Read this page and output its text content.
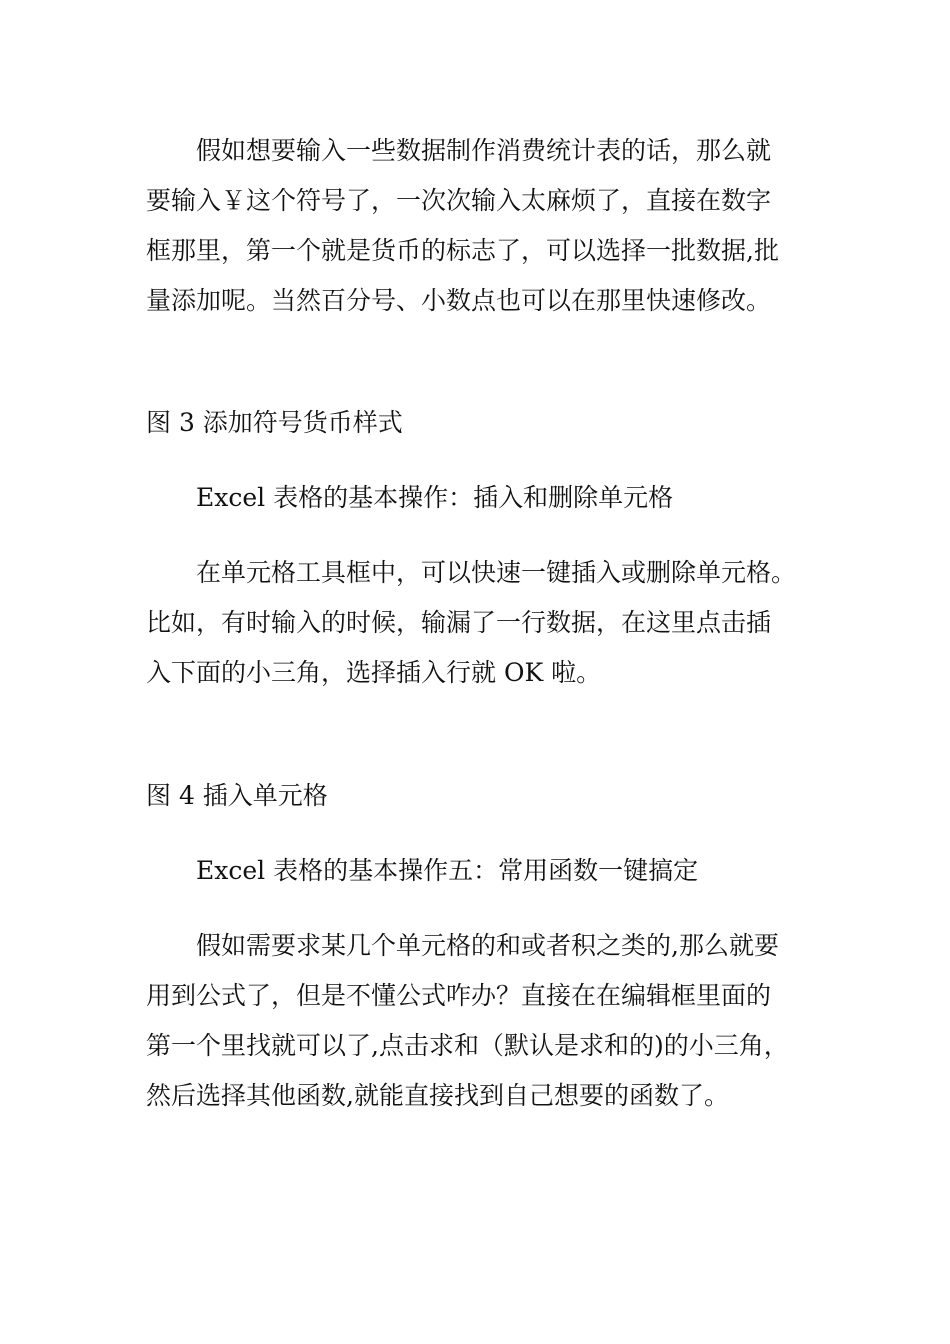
假如想要输入一些数据制作消费统计表的话，那么就
要输入￥这个符号了，一次次输入太麻烦了，直接在数字
框那里，第一个就是货币的标志了，可以选择一批数据,批
量添加呢。当然百分号、小数点也可以在那里快速修改。

图 3 添加符号货币样式

Excel 表格的基本操作：插入和删除单元格

在单元格工具框中，可以快速一键插入或删除单元格。
比如，有时输入的时候，输漏了一行数据，在这里点击插
入下面的小三角，选择插入行就 OK 啦。

图 4 插入单元格

Excel 表格的基本操作五：常用函数一键搞定

假如需要求某几个单元格的和或者积之类的,那么就要
用到公式了，但是不懂公式咋办？直接在在编辑框里面的
第一个里找就可以了,点击求和（默认是求和的)的小三角，
然后选择其他函数,就能直接找到自己想要的函数了。
